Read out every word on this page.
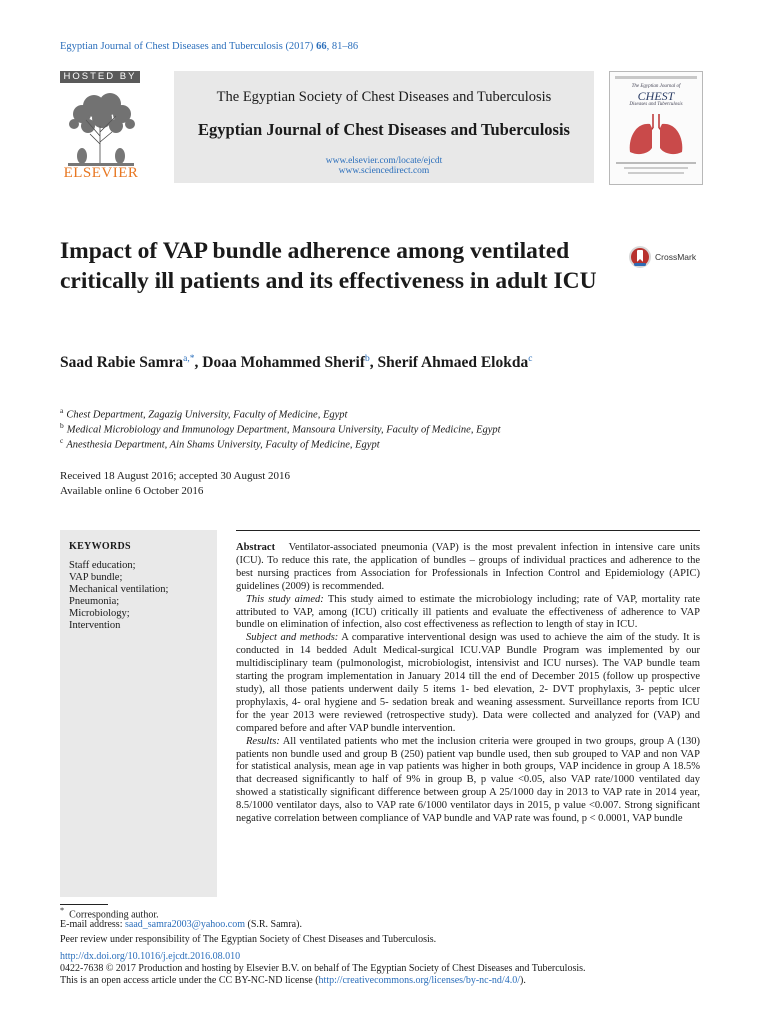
Egyptian Journal of Chest Diseases and Tuberculosis (2017) 66, 81–86
HOSTED BY
ELSEVIER
The Egyptian Society of Chest Diseases and Tuberculosis
Egyptian Journal of Chest Diseases and Tuberculosis
www.elsevier.com/locate/ejcdt
www.sciencedirect.com
The Egyptian Journal of
CHEST
Diseases and Tuberculosis
Impact of VAP bundle adherence among ventilated critically ill patients and its effectiveness in adult ICU
CrossMark
Saad Rabie Samra$^{a,*}$, Doaa Mohammed Sherif$^b$, Sherif Ahmaed Elokda$^c$
$^a$ Chest Department, Zagazig University, Faculty of Medicine, Egypt
$^b$ Medical Microbiology and Immunology Department, Mansoura University, Faculty of Medicine, Egypt
$^c$ Anesthesia Department, Ain Shams University, Faculty of Medicine, Egypt
Received 18 August 2016; accepted 30 August 2016
Available online 6 October 2016
KEYWORDS
Staff education;
VAP bundle;
Mechanical ventilation;
Pneumonia;
Microbiology;
Intervention

Abstract Ventilator-associated pneumonia (VAP) is the most prevalent infection in intensive care units (ICU). To reduce this rate, the application of bundles – groups of individual practices and adherence to the best nursing practices from Association for Professionals in Infection Control and Epidemiology (APIC) guidelines (2009) is recommended.

This study aimed: This study aimed to estimate the microbiology including; rate of VAP, mortality rate attributed to VAP, among (ICU) critically ill patients and evaluate the effectiveness of adherence to VAP bundle on elimination of infection, also cost effectiveness as reflection to length of stay in ICU.

Subject and methods: A comparative interventional design was used to achieve the aim of the study. It is conducted in 14 bedded Adult Medical-surgical ICU.VAP Bundle Program was implemented by our multidisciplinary team (pulmonologist, microbiologist, intensivist and ICU nurses). The VAP bundle team starting the program implementation in January 2014 till the end of December 2015 (follow up prospective study), all those patients underwent daily 5 items 1- bed elevation, 2- DVT prophylaxis, 3- peptic ulcer prophylaxis, 4- oral hygiene and 5- sedation break and weaning assessment. Surveillance reports from ICU for the year 2013 were reviewed (retrospective study). Data were collected and analyzed for (VAP) and compared before and after VAP bundle intervention.

Results: All ventilated patients who met the inclusion criteria were grouped in two groups, group A (130) patients non bundle used and group B (250) patient vap bundle used, then sub grouped to VAP and non VAP for statistical analysis, mean age in vap patients was higher in both groups, VAP incidence in group A 18.5% that decreased significantly to half of 9% in group B, p value <0.05, also VAP rate/1000 ventilated day showed a statistically significant difference between group A 25/1000 day in 2013 to VAP rate in 2014 year, 8.5/1000 ventilator days, also to VAP rate 6/1000 ventilator days in 2015, p value <0.007. Strong significant negative correlation between compliance of VAP bundle and VAP rate was found, p < 0.0001, VAP bundle

* Corresponding author.
E-mail address: saad_samra2003@yahoo.com (S.R. Samra).
Peer review under responsibility of The Egyptian Society of Chest Diseases and Tuberculosis.
http://dx.doi.org/10.1016/j.ejcdt.2016.08.010
0422-7638 © 2017 Production and hosting by Elsevier B.V. on behalf of The Egyptian Society of Chest Diseases and Tuberculosis.
This is an open access article under the CC BY-NC-ND license (http://creativecommons.org/licenses/by-nc-nd/4.0/).
